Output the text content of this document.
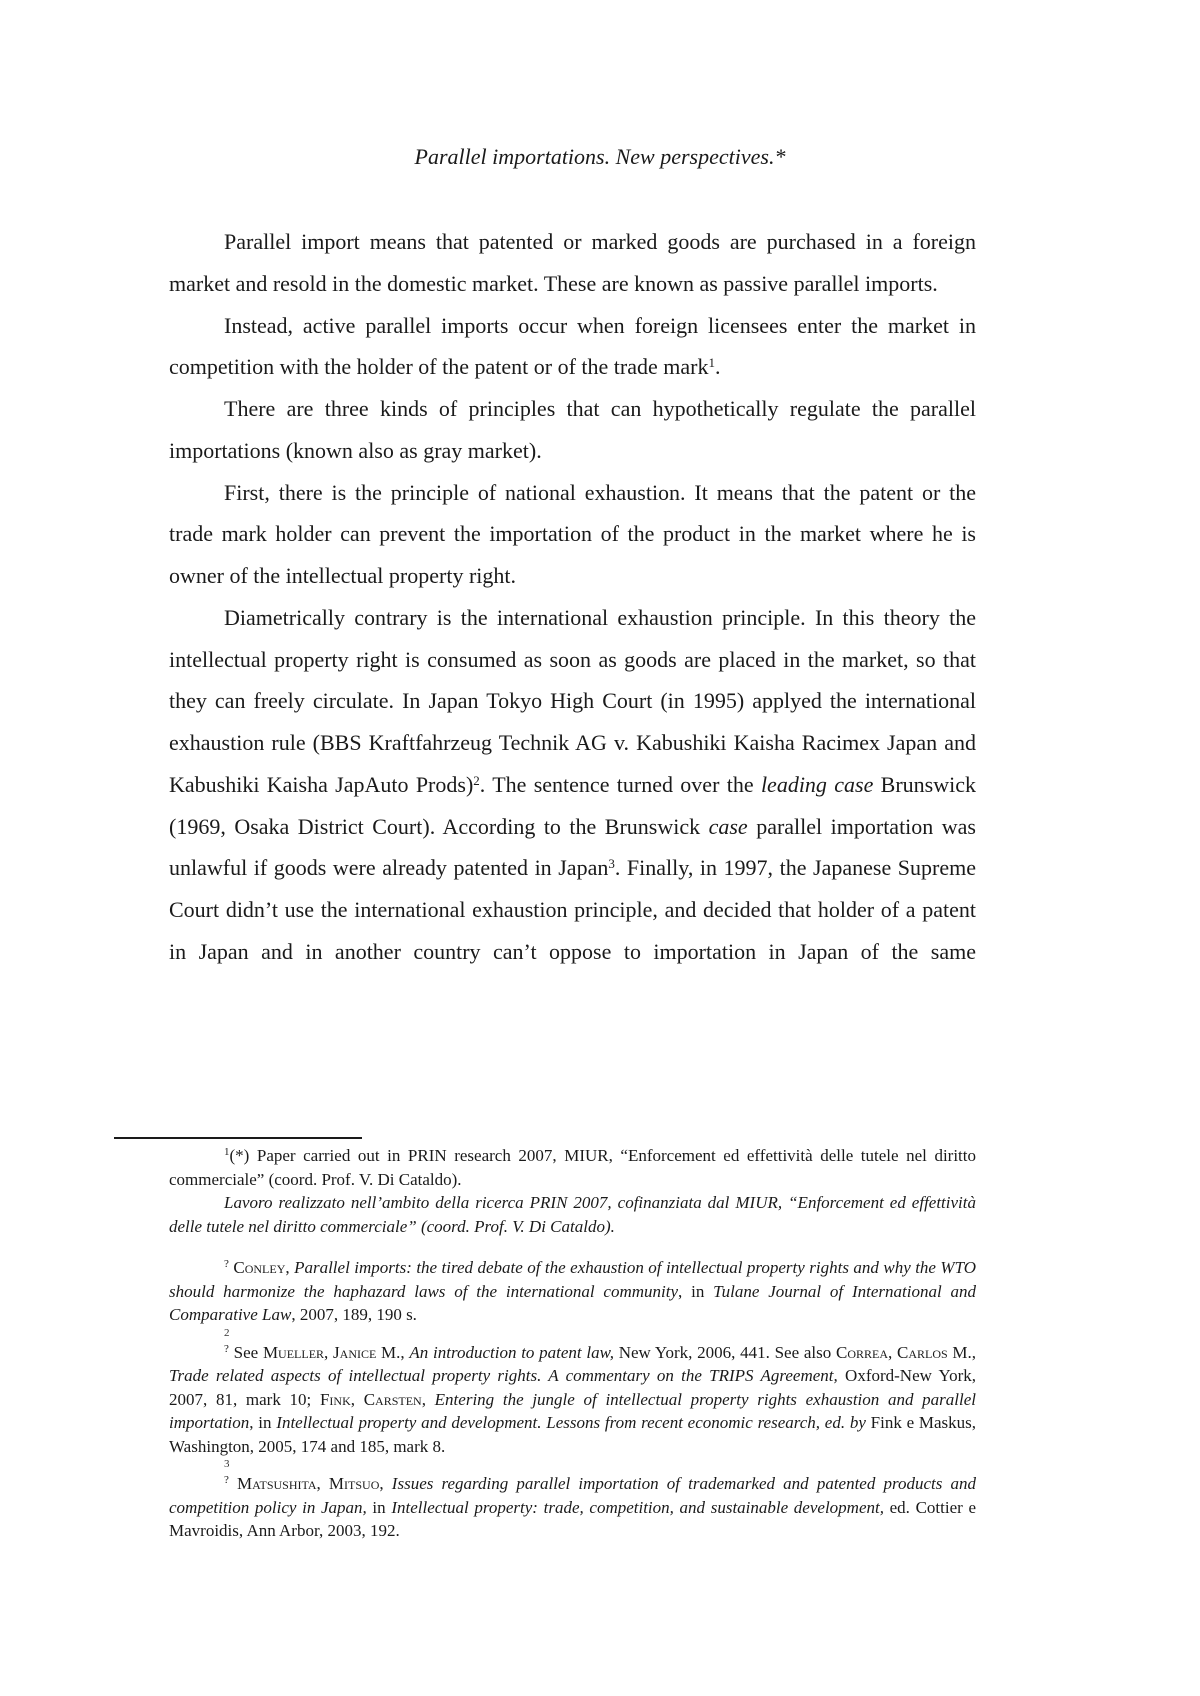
Parallel importations. New perspectives.*

Parallel import means that patented or marked goods are purchased in a foreign market and resold in the domestic market. These are known as passive parallel imports.

Instead, active parallel imports occur when foreign licensees enter the market in competition with the holder of the patent or of the trade mark$^1$.

There are three kinds of principles that can hypothetically regulate the parallel importations (known also as gray market).

First, there is the principle of national exhaustion. It means that the patent or the trade mark holder can prevent the importation of the product in the market where he is owner of the intellectual property right.

Diametrically contrary is the international exhaustion principle. In this theory the intellectual property right is consumed as soon as goods are placed in the market, so that they can freely circulate. In Japan Tokyo High Court (in 1995) applyed the international exhaustion rule (BBS Kraftfahrzeug Technik AG v. Kabushiki Kaisha Racimex Japan and Kabushiki Kaisha JapAuto Prods)$^2$. The sentence turned over the leading case Brunswick (1969, Osaka District Court). According to the Brunswick case parallel importation was unlawful if goods were already patented in Japan$^3$. Finally, in 1997, the Japanese Supreme Court didn’t use the international exhaustion principle, and decided that holder of a patent in Japan and in another country can’t oppose to importation in Japan of the same

$^1$(*) Paper carried out in PRIN research 2007, MIUR, “Enforcement ed effettività delle tutele nel diritto commerciale” (coord. Prof. V. Di Cataldo).

Lavoro realizzato nell’ambito della ricerca PRIN 2007, cofinanziata dal MIUR, “Enforcement ed effettività delle tutele nel diritto commerciale” (coord. Prof. V. Di Cataldo).

? Conley, Parallel imports: the tired debate of the exhaustion of intellectual property rights and why the WTO should harmonize the haphazard laws of the international community, in Tulane Journal of International and Comparative Law, 2007, 189, 190 s.

2

? See Mueller, Janice M., An introduction to patent law, New York, 2006, 441. See also Correa, Carlos M., Trade related aspects of intellectual property rights. A commentary on the TRIPS Agreement, Oxford-New York, 2007, 81, mark 10; Fink, Carsten, Entering the jungle of intellectual property rights exhaustion and parallel importation, in Intellectual property and development. Lessons from recent economic research, ed. by Fink e Maskus, Washington, 2005, 174 and 185, mark 8.

3

? Matsushita, Mitsuo, Issues regarding parallel importation of trademarked and patented products and competition policy in Japan, in Intellectual property: trade, competition, and sustainable development, ed. Cottier e Mavroidis, Ann Arbor, 2003, 192.
